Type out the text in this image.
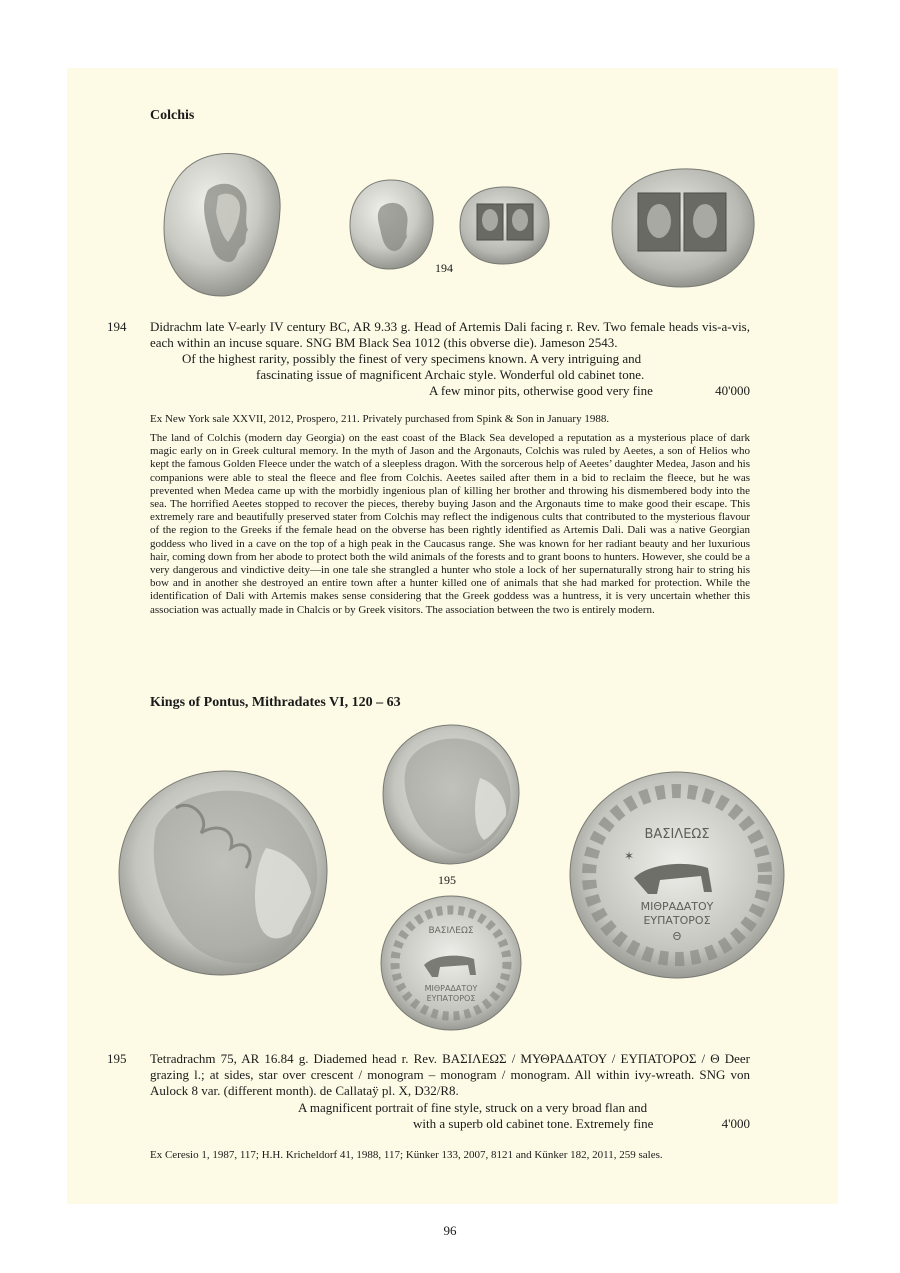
Colchis
194
194 Didrachm late V-early IV century BC, AR 9.33 g. Head of Artemis Dali facing r. Rev. Two female heads vis-a-vis, each within an incuse square. SNG BM Black Sea 1012 (this obverse die). Jameson 2543.
Of the highest rarity, possibly the finest of very specimens known. A very intriguing and
fascinating issue of magnificent Archaic style. Wonderful old cabinet tone.
A few minor pits, otherwise good very fine	40'000
Ex New York sale XXVII, 2012, Prospero, 211. Privately purchased from Spink & Son in January 1988.
The land of Colchis (modern day Georgia) on the east coast of the Black Sea developed a reputation as a mysterious place of dark magic early on in Greek cultural memory. In the myth of Jason and the Argonauts, Colchis was ruled by Aeetes, a son of Helios who kept the famous Golden Fleece under the watch of a sleepless dragon. With the sorcerous help of Aeetes’ daughter Medea, Jason and his companions were able to steal the fleece and flee from Colchis. Aeetes sailed after them in a bid to reclaim the fleece, but he was prevented when Medea came up with the morbidly ingenious plan of killing her brother and throwing his dismembered body into the sea. The horrified Aeetes stopped to recover the pieces, thereby buying Jason and the Argonauts time to make good their escape. This extremely rare and beautifully preserved stater from Colchis may reflect the indigenous cults that contributed to the mysterious flavour of the region to the Greeks if the female head on the obverse has been rightly identified as Artemis Dali. Dali was a native Georgian goddess who lived in a cave on the top of a high peak in the Caucasus range. She was known for her radiant beauty and her luxurious hair, coming down from her abode to protect both the wild animals of the forests and to grant boons to hunters. However, she could be a very dangerous and vindictive deity—in one tale she strangled a hunter who stole a lock of her supernaturally strong hair to string his bow and in another she destroyed an entire town after a hunter killed one of animals that she had marked for protection. While the identification of Dali with Artemis makes sense considering that the Greek goddess was a huntress, it is very uncertain whether this association was actually made in Chalcis or by Greek visitors. The association between the two is entirely modern.
Kings of Pontus, Mithradates VI, 120 – 63
195
ΒΑΣΙΛΕΩΣ
ΜΙΘΡΑΔΑΤΟΥ
ΕΥΠΑΤΟΡΟΣ
ΒΑΣΙΛΕΩΣ
✶
ΜΙΘΡΑΔΑΤΟΥ
ΕΥΠΑΤΟΡΟΣ
Θ
195 Tetradrachm 75, AR 16.84 g. Diademed head r. Rev. ΒΑΣΙΛΕΩΣ / ΜΥΘΡΑΔΑΤΟΥ / ΕΥΠΑΤΟΡΟΣ / Θ Deer grazing l.; at sides, star over crescent / monogram – monogram / monogram. All within ivy-wreath. SNG von Aulock 8 var. (different month). de Callataÿ pl. X, D32/R8.
A magnificent portrait of fine style, struck on a very broad flan and
with a superb old cabinet tone. Extremely fine	4'000
Ex Ceresio 1, 1987, 117; H.H. Kricheldorf 41, 1988, 117; Künker 133, 2007, 8121 and Künker 182, 2011, 259 sales.
96
